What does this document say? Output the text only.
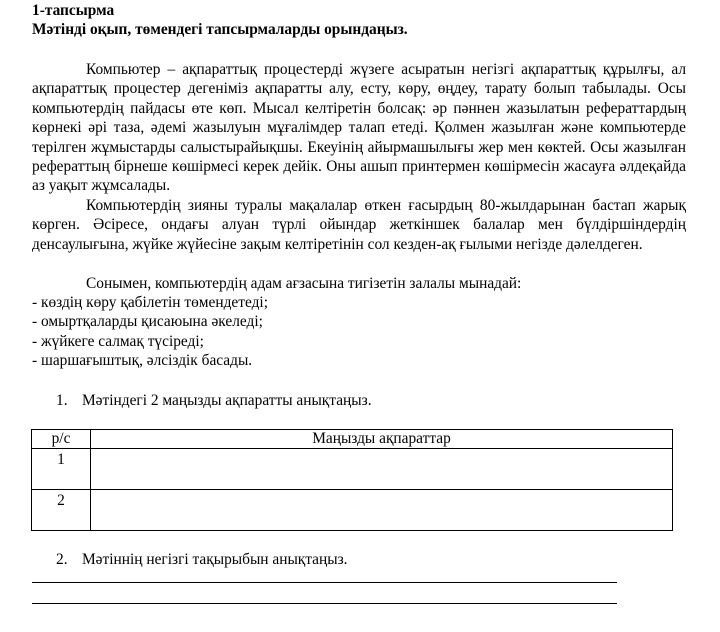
1-тапсырма
Мәтінді оқып, төмендегі тапсырмаларды орындаңыз.

Компьютер – ақпараттық процестерді жүзеге асыратын негізгі ақпараттық құрылғы, ал ақпараттық процестер дегеніміз ақпаратты алу, есту, көру, өңдеу, тарату болып табылады. Осы компьютердің пайдасы өте көп. Мысал келтіретін болсақ: әр пәннен жазылатын рефераттардың көрнекі әрі таза, әдемі жазылуын мұғалімдер талап етеді. Қолмен жазылған және компьютерде терілген жұмыстарды салыстырайықшы. Екеуінің айырмашылығы жер мен көктей. Осы жазылған рефераттың бірнеше көшірмесі керек дейік. Оны ашып принтермен көшірмесін жасауға әлдеқайда аз уақыт жұмсалады.

Компьютердің зияны туралы мақалалар өткен ғасырдың 80-жылдарынан бастап жарық көрген. Әсіресе, ондағы алуан түрлі ойындар жеткіншек балалар мен бүлдіршіндердің денсаулығына, жүйке жүйесіне зақым келтіретінін сол кезден-ақ ғылыми негізде дәлелдеген.

Сонымен, компьютердің адам ағзасына тигізетін залалы мынадай:

- көздің көру қабілетін төмендетеді;
- омыртқаларды қисаюына әкеледі;
- жүйкеге салмақ түсіреді;
- шаршағыштық, әлсіздік басады.
1. Мәтіндегі 2 маңызды ақпаратты анықтаңыз.
р/с	Маңызды ақпараттар
1	
2	
2. Мәтіннің негізгі тақырыбын анықтаңыз.
